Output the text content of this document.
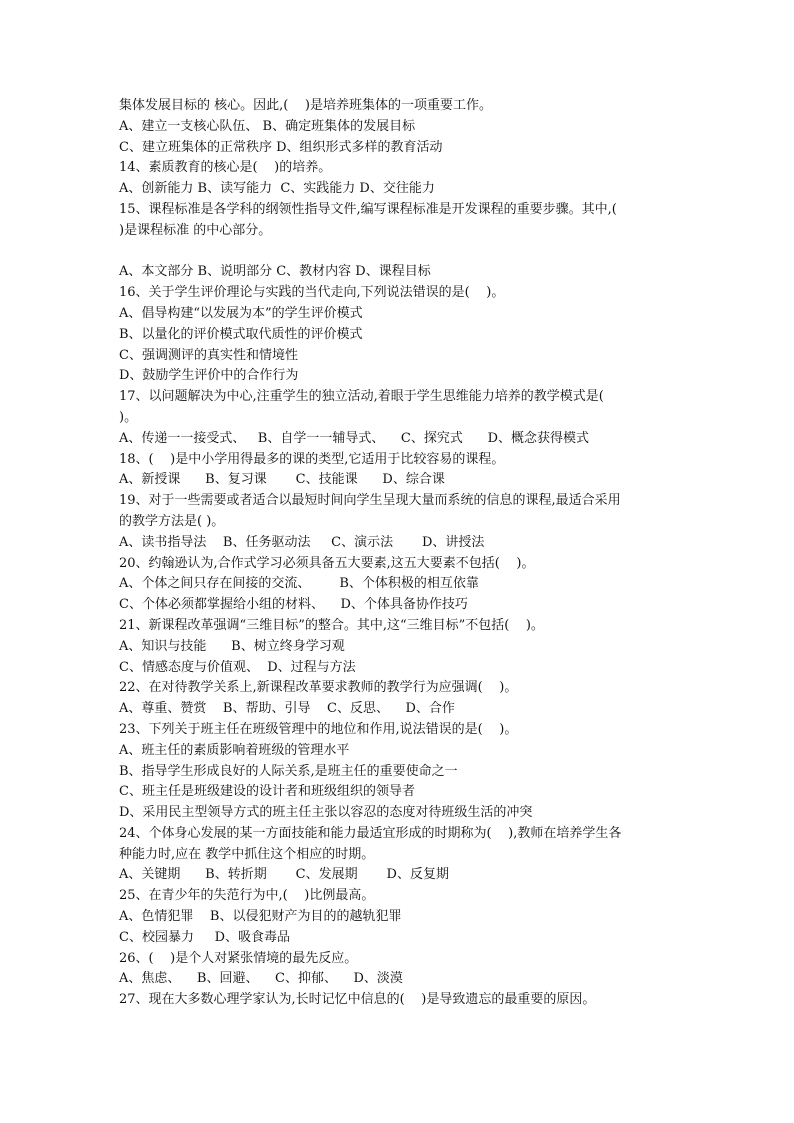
集体发展目标的 核心。因此,(    )是培养班集体的一项重要工作。

A、建立一支核心队伍、 B、确定班集体的发展目标

C、建立班集体的正常秩序 D、组织形式多样的教育活动

14、素质教育的核心是(    )的培养。

A、创新能力 B、读写能力  C、实践能力 D、交往能力

15、课程标准是各学科的纲领性指导文件,编写课程标准是开发课程的重要步骤。其中,(

)是课程标准 的中心部分。

A、本文部分 B、说明部分 C、教材内容 D、课程目标

16、关于学生评价理论与实践的当代走向,下列说法错误的是(    )。

A、倡导构建“以发展为本”的学生评价模式

B、以量化的评价模式取代质性的评价模式

C、强调测评的真实性和情境性

D、鼓励学生评价中的合作行为

17、以问题解决为中心,注重学生的独立活动,着眼于学生思维能力培养的教学模式是(

)。

A、传递一一接受式、   B、自学一一辅导式、    C、探究式      D、概念获得模式

18、(    )是中小学用得最多的课的类型,它适用于比较容易的课程。

A、新授课      B、复习课       C、技能课      D、综合课

19、对于一些需要或者适合以最短时间向学生呈现大量而系统的信息的课程,最适合采用

的教学方法是( )。

A、读书指导法    B、任务驱动法     C、演示法       D、讲授法

20、约翰逊认为,合作式学习必须具备五大要素,这五大要素不包括(    )。

A、个体之间只存在间接的交流、       B、个体积极的相互依靠

C、个体必须都掌握给小组的材料、    D、个体具备协作技巧

21、新课程改革强调“三维目标”的整合。其中,这“三维目标”不包括(    )。

A、知识与技能      B、树立终身学习观

C、情感态度与价值观、  D、过程与方法

22、在对待教学关系上,新课程改革要求教师的教学行为应强调(    )。

A、尊重、赞赏    B、帮助、引导    C、反思、    D、合作

23、下列关于班主任在班级管理中的地位和作用,说法错误的是(    )。

A、班主任的素质影响着班级的管理水平

B、指导学生形成良好的人际关系,是班主任的重要使命之一

C、班主任是班级建设的设计者和班级组织的领导者

D、采用民主型领导方式的班主任主张以容忍的态度对待班级生活的冲突

24、个体身心发展的某一方面技能和能力最适宜形成的时期称为(    ),教师在培养学生各

种能力时,应在 教学中抓住这个相应的时期。

A、关键期      B、转折期       C、发展期       D、反复期

25、在青少年的失范行为中,(    )比例最高。

A、色情犯罪    B、以侵犯财产为目的的越轨犯罪

C、校园暴力     D、吸食毒品

26、(    )是个人对紧张情境的最先反应。

A、焦虑、    B、回避、    C、抑郁、    D、淡漠

27、现在大多数心理学家认为,长时记忆中信息的(    )是导致遗忘的最重要的原因。
